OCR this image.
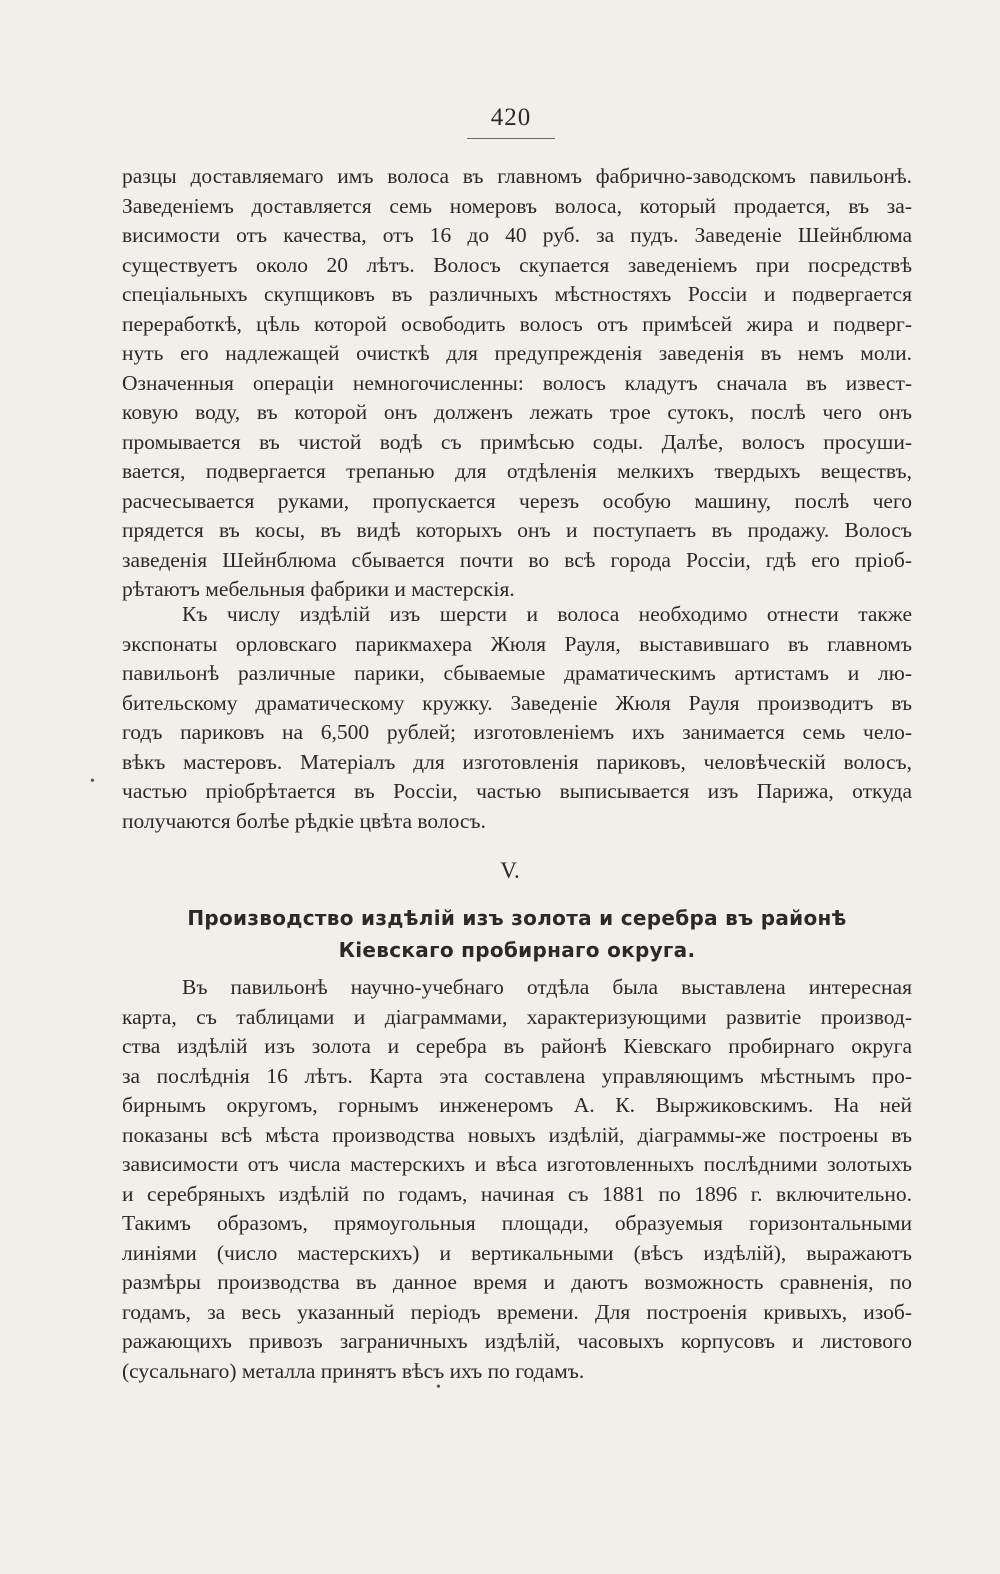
420
разцы доставляемаго имъ волоса въ главномъ фабрично-заводскомъ павильонѣ.
Заведеніемъ доставляется семь номеровъ волоса, который продается, въ за-
висимости отъ качества, отъ 16 до 40 руб. за пудъ. Заведеніе Шейнблюма
существуетъ около 20 лѣтъ. Волосъ скупается заведеніемъ при посредствѣ
спеціальныхъ скупщиковъ въ различныхъ мѣстностяхъ Россіи и подвергается
переработкѣ, цѣль которой освободить волосъ отъ примѣсей жира и подверг-
нуть его надлежащей очисткѣ для предупрежденія заведенія въ немъ моли.
Означенныя операціи немногочисленны: волосъ кладутъ сначала въ извест-
ковую воду, въ которой онъ долженъ лежать трое сутокъ, послѣ чего онъ
промывается въ чистой водѣ съ примѣсью соды. Далѣе, волосъ просуши-
вается, подвергается трепанью для отдѣленія мелкихъ твердыхъ веществъ,
расчесывается руками, пропускается черезъ особую машину, послѣ чего
прядется въ косы, въ видѣ которыхъ онъ и поступаетъ въ продажу. Волосъ
заведенія Шейнблюма сбывается почти во всѣ города Россіи, гдѣ его пріоб-
рѣтаютъ мебельныя фабрики и мастерскія.
Къ числу издѣлій изъ шерсти и волоса необходимо отнести также
экспонаты орловскаго парикмахера Жюля Рауля, выставившаго въ главномъ
павильонѣ различные парики, сбываемые драматическимъ артистамъ и лю-
бительскому драматическому кружку. Заведеніе Жюля Рауля производитъ въ
годъ париковъ на 6,500 рублей; изготовленіемъ ихъ занимается семь чело-
вѣкъ мастеровъ. Матеріалъ для изготовленія париковъ, человѣческій волосъ,
частью пріобрѣтается въ Россіи, частью выписывается изъ Парижа, откуда
получаются болѣе рѣдкіе цвѣта волосъ.
V.
Производство издѣлій изъ золота и серебра въ районѣ
Кіевскаго пробирнаго округа.
Въ павильонѣ научно-учебнаго отдѣла была выставлена интересная
карта, съ таблицами и діаграммами, характеризующими развитіе производ-
ства издѣлій изъ золота и серебра въ районѣ Кіевскаго пробирнаго округа
за послѣднія 16 лѣтъ. Карта эта составлена управляющимъ мѣстнымъ про-
бирнымъ округомъ, горнымъ инженеромъ А. К. Выржиковскимъ. На ней
показаны всѣ мѣста производства новыхъ издѣлій, діаграммы-же построены въ
зависимости отъ числа мастерскихъ и вѣса изготовленныхъ послѣдними золотыхъ
и серебряныхъ издѣлій по годамъ, начиная съ 1881 по 1896 г. включительно.
Такимъ образомъ, прямоугольныя площади, образуемыя горизонтальными
линіями (число мастерскихъ) и вертикальными (вѣсъ издѣлій), выражаютъ
размѣры производства въ данное время и даютъ возможность сравненія, по
годамъ, за весь указанный періодъ времени. Для построенія кривыхъ, изоб-
ражающихъ привозъ заграничныхъ издѣлій, часовыхъ корпусовъ и листового
(сусальнаго) металла принятъ вѣсъ ихъ по годамъ.
•
•
